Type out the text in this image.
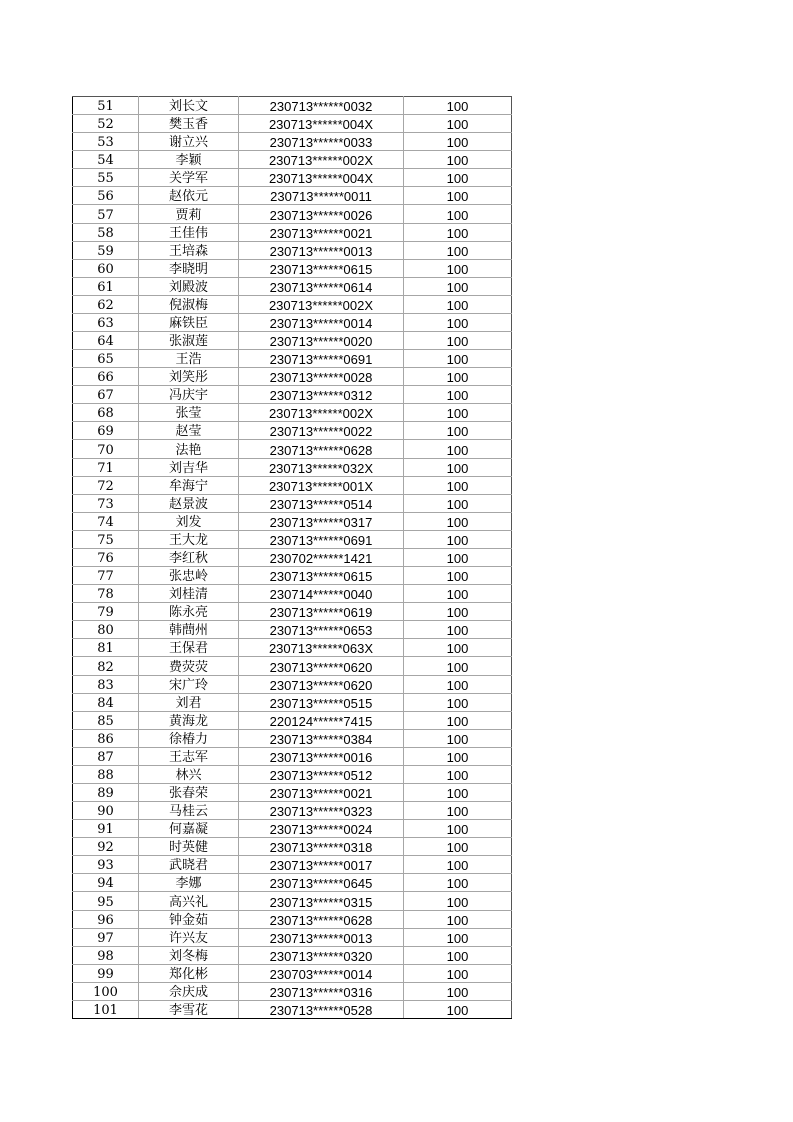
51	刘长文	230713******0032	100
52	樊玉香	230713******004X	100
53	谢立兴	230713******0033	100
54	李颖	230713******002X	100
55	关学军	230713******004X	100
56	赵依元	230713******0011	100
57	贾莉	230713******0026	100
58	王佳伟	230713******0021	100
59	王培森	230713******0013	100
60	李晓明	230713******0615	100
61	刘殿波	230713******0614	100
62	倪淑梅	230713******002X	100
63	麻铁臣	230713******0014	100
64	张淑莲	230713******0020	100
65	王浩	230713******0691	100
66	刘笑彤	230713******0028	100
67	冯庆宇	230713******0312	100
68	张莹	230713******002X	100
69	赵莹	230713******0022	100
70	法艳	230713******0628	100
71	刘吉华	230713******032X	100
72	牟海宁	230713******001X	100
73	赵景波	230713******0514	100
74	刘发	230713******0317	100
75	王大龙	230713******0691	100
76	李红秋	230702******1421	100
77	张忠岭	230713******0615	100
78	刘桂清	230714******0040	100
79	陈永亮	230713******0619	100
80	韩蔄州	230713******0653	100
81	王保君	230713******063X	100
82	费荧荧	230713******0620	100
83	宋广玲	230713******0620	100
84	刘君	230713******0515	100
85	黄海龙	220124******7415	100
86	徐椿力	230713******0384	100
87	王志军	230713******0016	100
88	林兴	230713******0512	100
89	张春荣	230713******0021	100
90	马桂云	230713******0323	100
91	何嘉凝	230713******0024	100
92	时英健	230713******0318	100
93	武晓君	230713******0017	100
94	李娜	230713******0645	100
95	高兴礼	230713******0315	100
96	钟金茹	230713******0628	100
97	许兴友	230713******0013	100
98	刘冬梅	230713******0320	100
99	郑化彬	230703******0014	100
100	佘庆成	230713******0316	100
101	李雪花	230713******0528	100
